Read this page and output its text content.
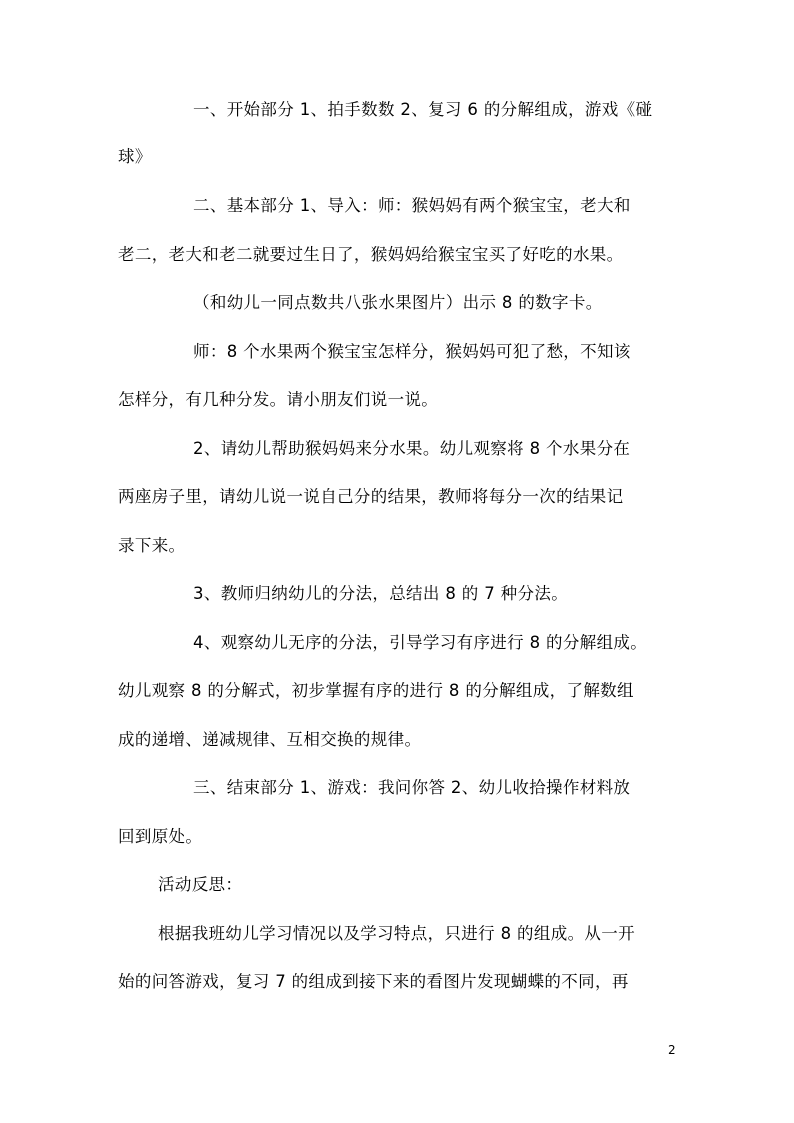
一、开始部分 1、拍手数数 2、复习 6 的分解组成，游戏《碰
球》
二、基本部分 1、导入：师：猴妈妈有两个猴宝宝，老大和
老二，老大和老二就要过生日了，猴妈妈给猴宝宝买了好吃的水果。
（和幼儿一同点数共八张水果图片）出示 8 的数字卡。
师：8 个水果两个猴宝宝怎样分，猴妈妈可犯了愁，不知该
怎样分，有几种分发。请小朋友们说一说。
2、请幼儿帮助猴妈妈来分水果。幼儿观察将 8 个水果分在
两座房子里，请幼儿说一说自己分的结果，教师将每分一次的结果记
录下来。
3、教师归纳幼儿的分法，总结出 8 的 7 种分法。
4、观察幼儿无序的分法，引导学习有序进行 8 的分解组成。
幼儿观察 8 的分解式，初步掌握有序的进行 8 的分解组成，了解数组
成的递增、递减规律、互相交换的规律。
三、结束部分 1、游戏：我问你答 2、幼儿收拾操作材料放
回到原处。
活动反思：
根据我班幼儿学习情况以及学习特点，只进行 8 的组成。从一开
始的问答游戏，复习 7 的组成到接下来的看图片发现蝴蝶的不同，再
2
